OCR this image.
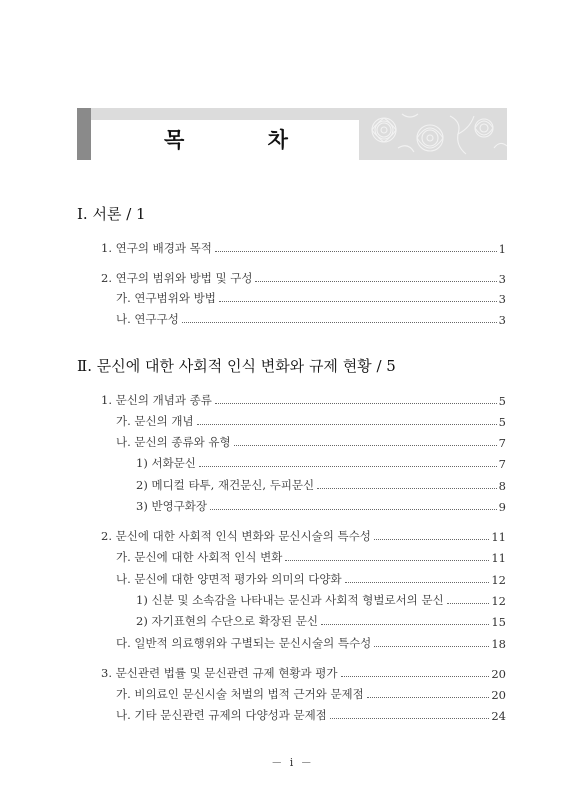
목 차
Ⅰ. 서론 / 1
1. 연구의 배경과 목적	1
2. 연구의 범위와 방법 및 구성	3
가. 연구범위와 방법	3
나. 연구구성	3
Ⅱ. 문신에 대한 사회적 인식 변화와 규제 현황 / 5
1. 문신의 개념과 종류	5
가. 문신의 개념	5
나. 문신의 종류와 유형	7
1) 서화문신	7
2) 메디컬 타투, 재건문신, 두피문신	8
3) 반영구화장	9
2. 문신에 대한 사회적 인식 변화와 문신시술의 특수성	11
가. 문신에 대한 사회적 인식 변화	11
나. 문신에 대한 양면적 평가와 의미의 다양화	12
1) 신분 및 소속감을 나타내는 문신과 사회적 형벌로서의 문신	12
2) 자기표현의 수단으로 확장된 문신	15
다. 일반적 의료행위와 구별되는 문신시술의 특수성	18
3. 문신관련 법률 및 문신관련 규제 현황과 평가	20
가. 비의료인 문신시술 처벌의 법적 근거와 문제점	20
나. 기타 문신관련 규제의 다양성과 문제점	24
－ i －
